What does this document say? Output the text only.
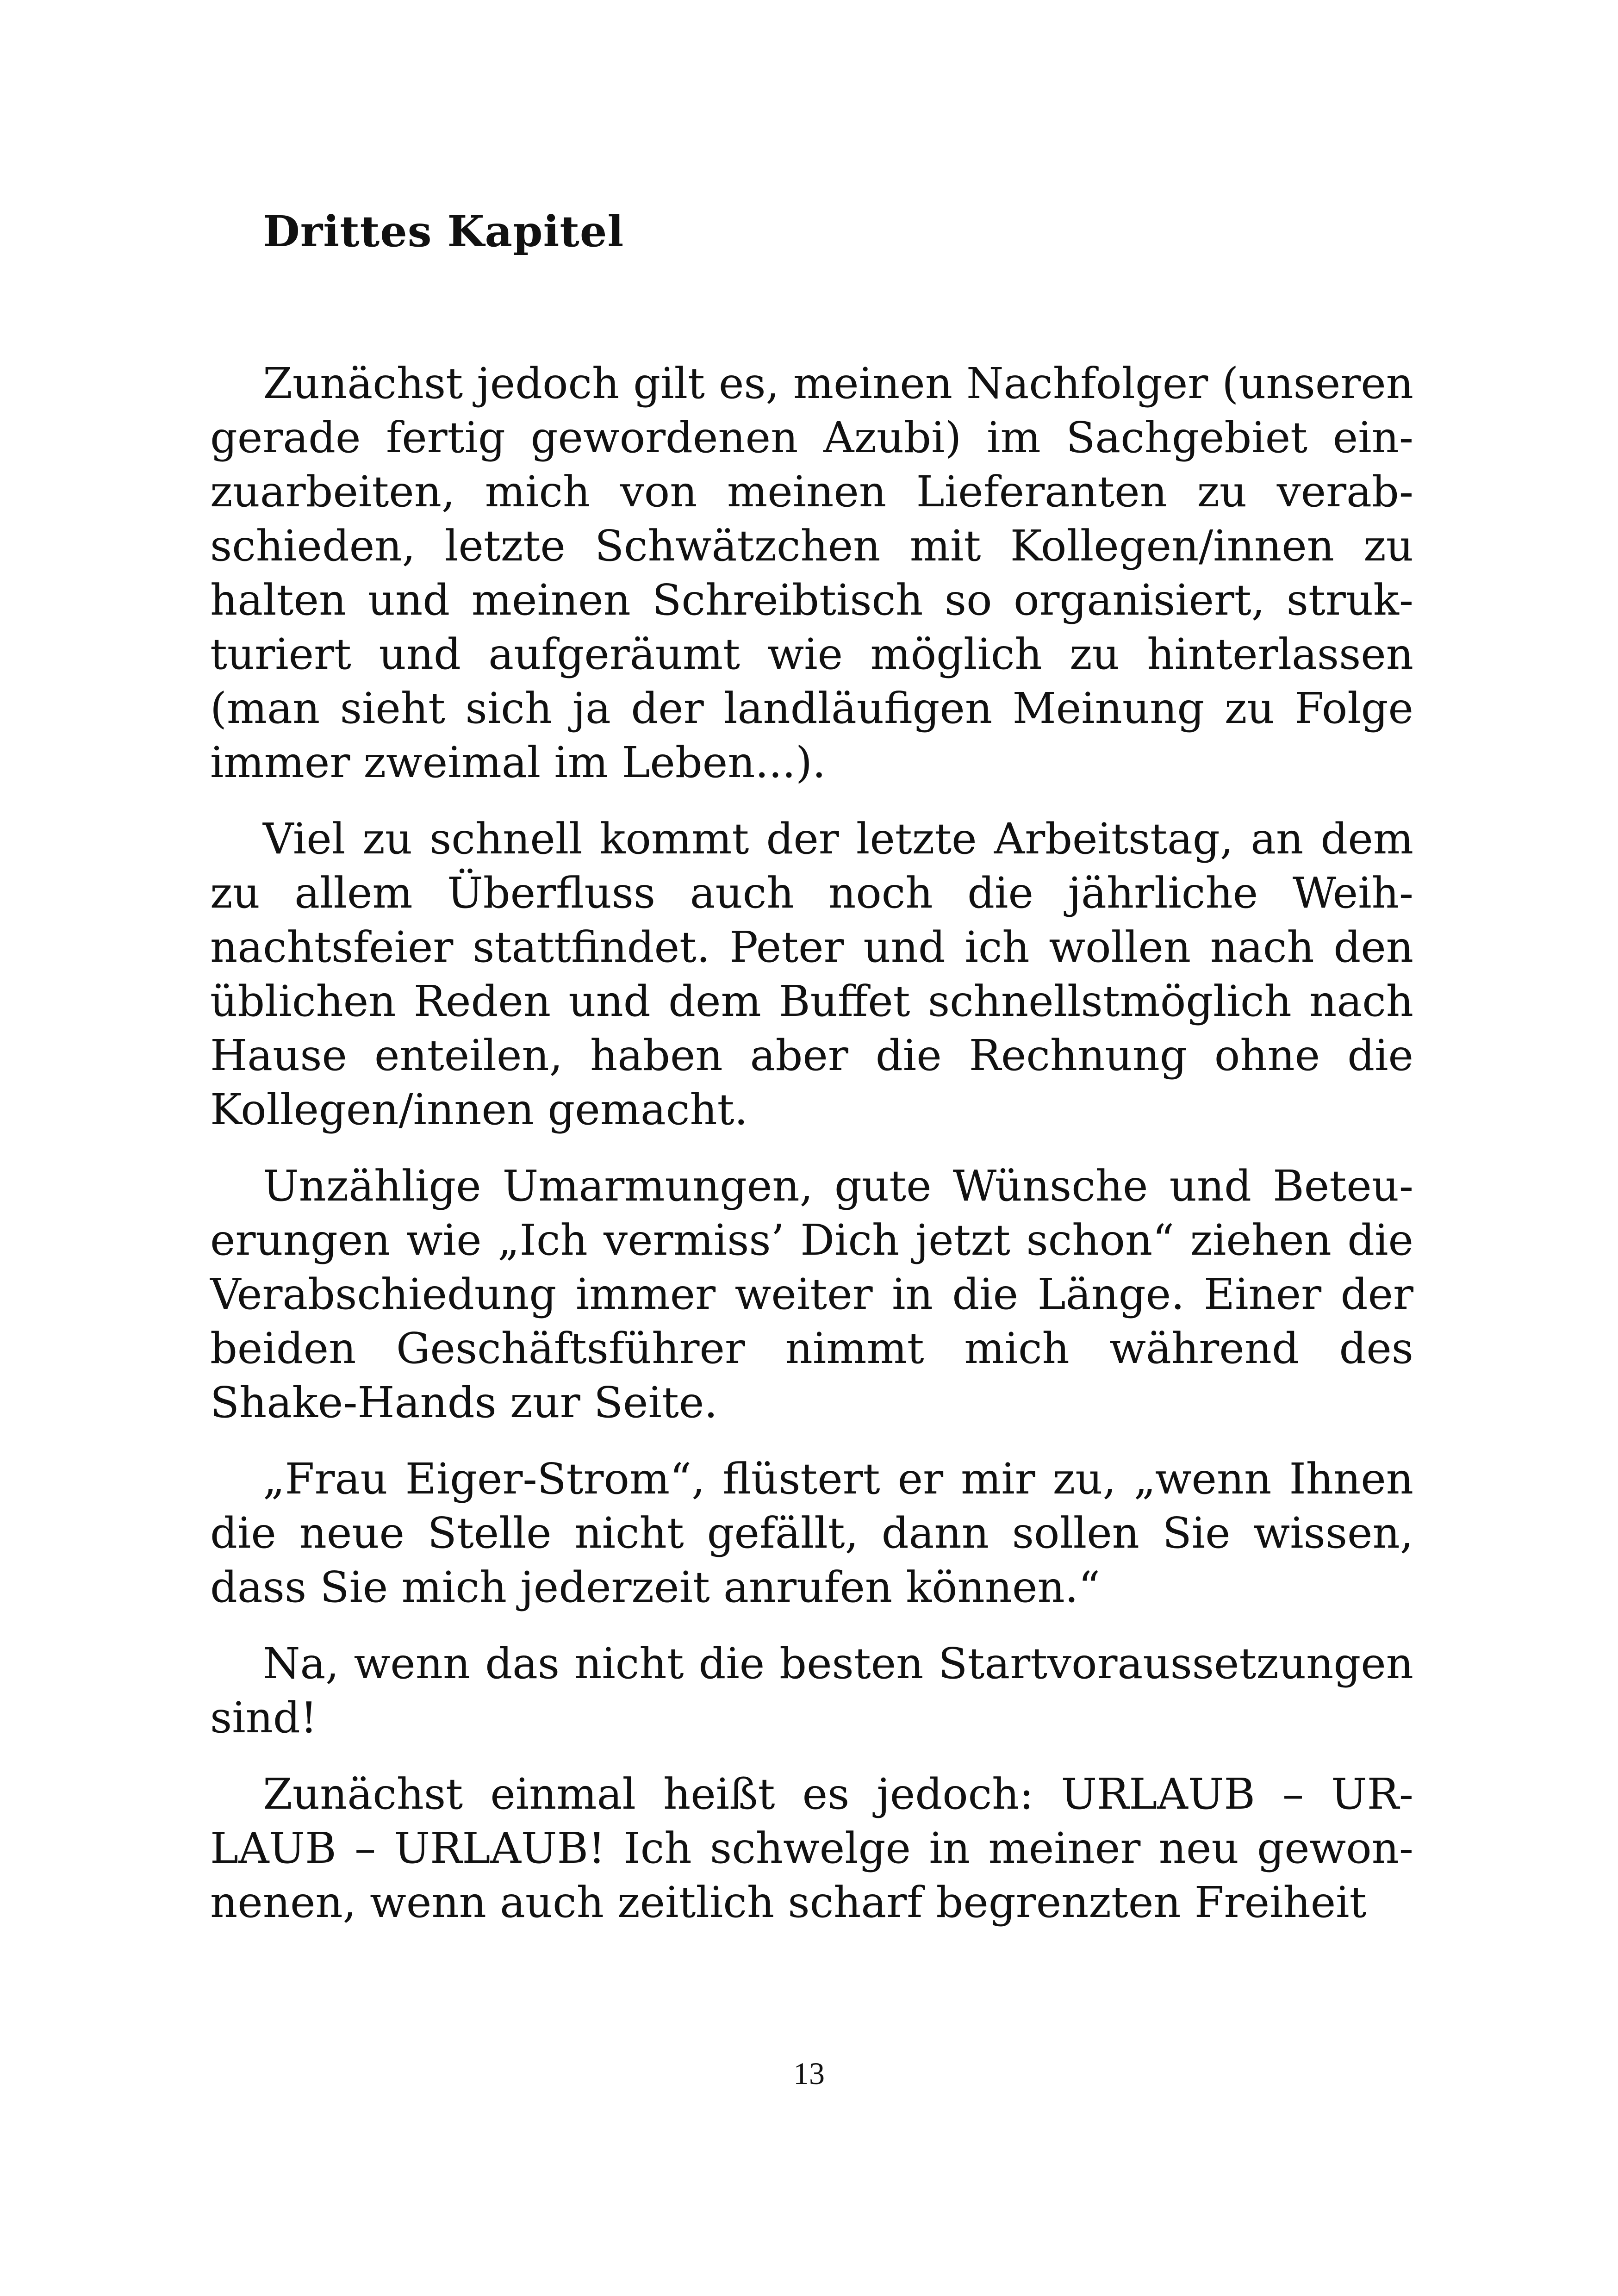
Drittes Kapitel

Zunächst jedoch gilt es, meinen Nachfolger (unseren gerade fertig gewordenen Azubi) im Sachgebiet einzuarbeiten, mich von meinen Lieferanten zu verabschieden, letzte Schwätzchen mit Kollegen/innen zu halten und meinen Schreibtisch so organisiert, strukturiert und aufgeräumt wie möglich zu hinterlassen (man sieht sich ja der landläufigen Meinung zu Folge immer zweimal im Leben...).

Viel zu schnell kommt der letzte Arbeitstag, an dem zu allem Überfluss auch noch die jährliche Weihnachtsfeier stattfindet. Peter und ich wollen nach den üblichen Reden und dem Buffet schnellstmöglich nach Hause enteilen, haben aber die Rechnung ohne die Kollegen/innen gemacht.

Unzählige Umarmungen, gute Wünsche und Beteuerungen wie „Ich vermiss’ Dich jetzt schon“ ziehen die Verabschiedung immer weiter in die Länge. Einer der beiden Geschäftsführer nimmt mich während des Shake-Hands zur Seite.

„Frau Eiger-Strom“, flüstert er mir zu, „wenn Ihnen die neue Stelle nicht gefällt, dann sollen Sie wissen, dass Sie mich jederzeit anrufen können.“

Na, wenn das nicht die besten Startvoraussetzungen sind!

Zunächst einmal heißt es jedoch: URLAUB – URLAUB – URLAUB! Ich schwelge in meiner neu gewonnenen, wenn auch zeitlich scharf begrenzten Freiheit

13
